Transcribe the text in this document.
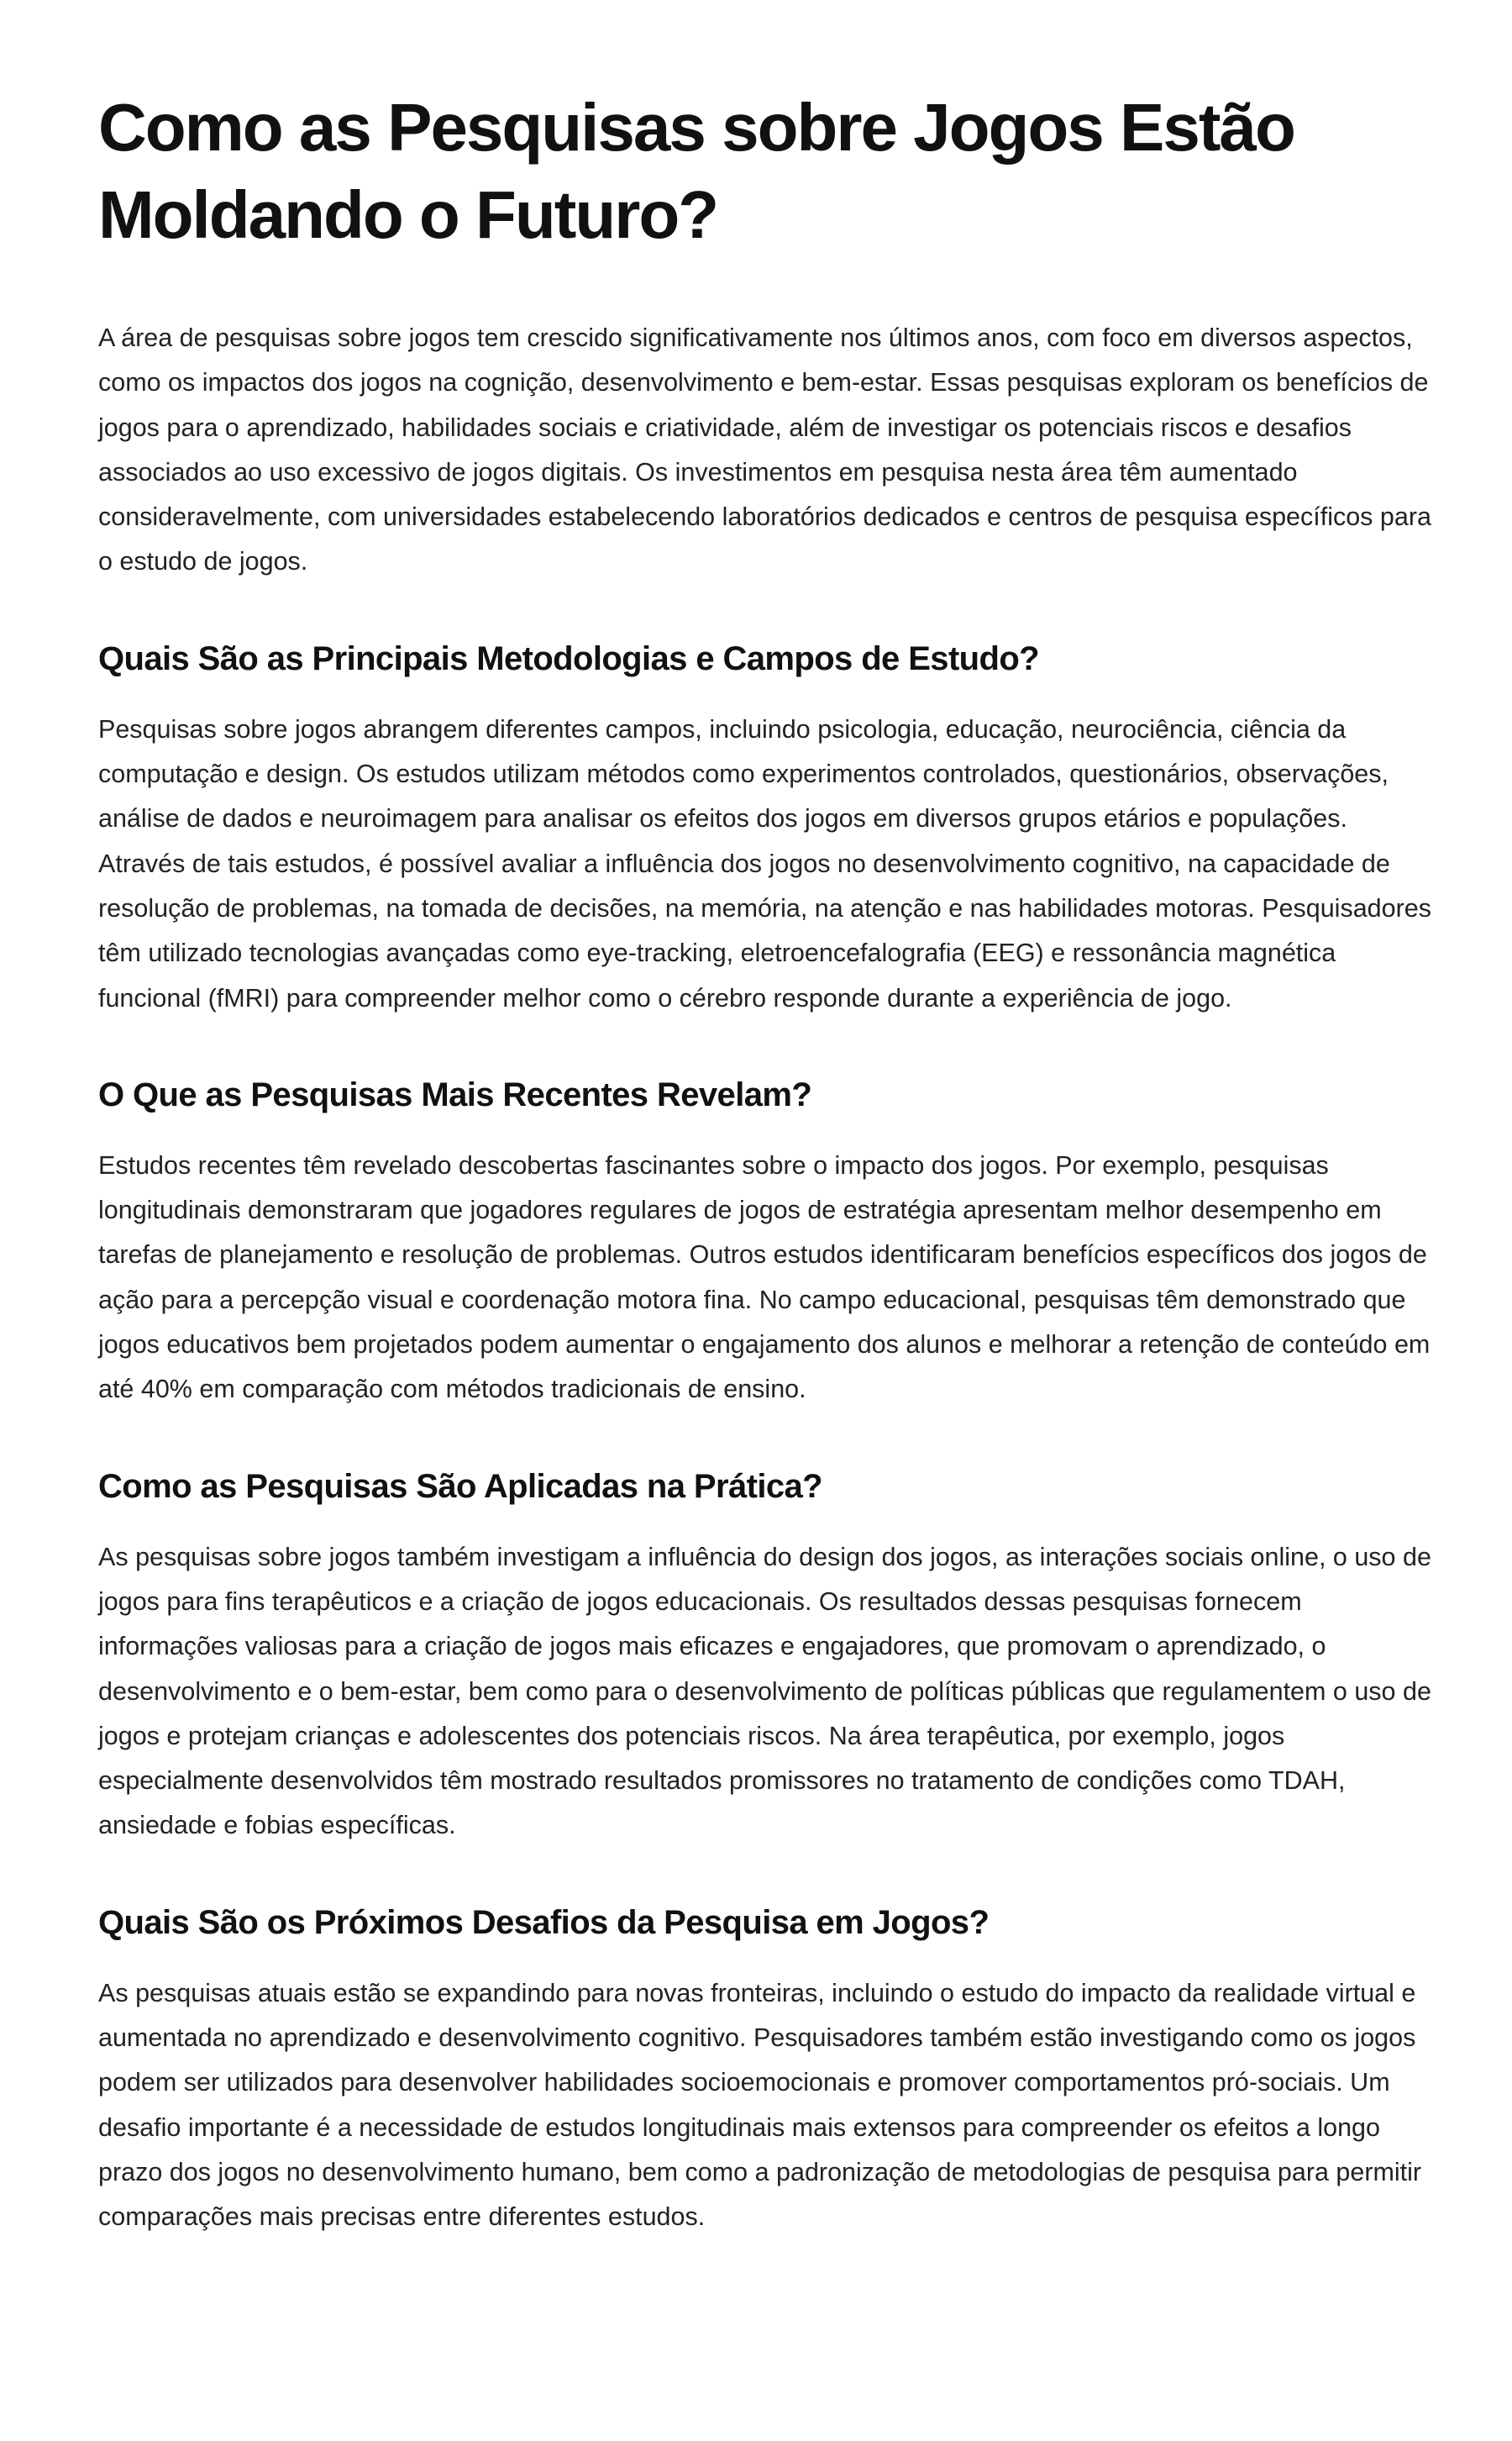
Como as Pesquisas sobre Jogos Estão Moldando o Futuro?

A área de pesquisas sobre jogos tem crescido significativamente nos últimos anos, com foco em diversos aspectos, como os impactos dos jogos na cognição, desenvolvimento e bem-estar. Essas pesquisas exploram os benefícios de jogos para o aprendizado, habilidades sociais e criatividade, além de investigar os potenciais riscos e desafios associados ao uso excessivo de jogos digitais. Os investimentos em pesquisa nesta área têm aumentado consideravelmente, com universidades estabelecendo laboratórios dedicados e centros de pesquisa específicos para o estudo de jogos.

Quais São as Principais Metodologias e Campos de Estudo?

Pesquisas sobre jogos abrangem diferentes campos, incluindo psicologia, educação, neurociência, ciência da computação e design. Os estudos utilizam métodos como experimentos controlados, questionários, observações, análise de dados e neuroimagem para analisar os efeitos dos jogos em diversos grupos etários e populações. Através de tais estudos, é possível avaliar a influência dos jogos no desenvolvimento cognitivo, na capacidade de resolução de problemas, na tomada de decisões, na memória, na atenção e nas habilidades motoras. Pesquisadores têm utilizado tecnologias avançadas como eye-tracking, eletroencefalografia (EEG) e ressonância magnética funcional (fMRI) para compreender melhor como o cérebro responde durante a experiência de jogo.

O Que as Pesquisas Mais Recentes Revelam?

Estudos recentes têm revelado descobertas fascinantes sobre o impacto dos jogos. Por exemplo, pesquisas longitudinais demonstraram que jogadores regulares de jogos de estratégia apresentam melhor desempenho em tarefas de planejamento e resolução de problemas. Outros estudos identificaram benefícios específicos dos jogos de ação para a percepção visual e coordenação motora fina. No campo educacional, pesquisas têm demonstrado que jogos educativos bem projetados podem aumentar o engajamento dos alunos e melhorar a retenção de conteúdo em até 40% em comparação com métodos tradicionais de ensino.

Como as Pesquisas São Aplicadas na Prática?

As pesquisas sobre jogos também investigam a influência do design dos jogos, as interações sociais online, o uso de jogos para fins terapêuticos e a criação de jogos educacionais. Os resultados dessas pesquisas fornecem informações valiosas para a criação de jogos mais eficazes e engajadores, que promovam o aprendizado, o desenvolvimento e o bem-estar, bem como para o desenvolvimento de políticas públicas que regulamentem o uso de jogos e protejam crianças e adolescentes dos potenciais riscos. Na área terapêutica, por exemplo, jogos especialmente desenvolvidos têm mostrado resultados promissores no tratamento de condições como TDAH, ansiedade e fobias específicas.

Quais São os Próximos Desafios da Pesquisa em Jogos?

As pesquisas atuais estão se expandindo para novas fronteiras, incluindo o estudo do impacto da realidade virtual e aumentada no aprendizado e desenvolvimento cognitivo. Pesquisadores também estão investigando como os jogos podem ser utilizados para desenvolver habilidades socioemocionais e promover comportamentos pró-sociais. Um desafio importante é a necessidade de estudos longitudinais mais extensos para compreender os efeitos a longo prazo dos jogos no desenvolvimento humano, bem como a padronização de metodologias de pesquisa para permitir comparações mais precisas entre diferentes estudos.
